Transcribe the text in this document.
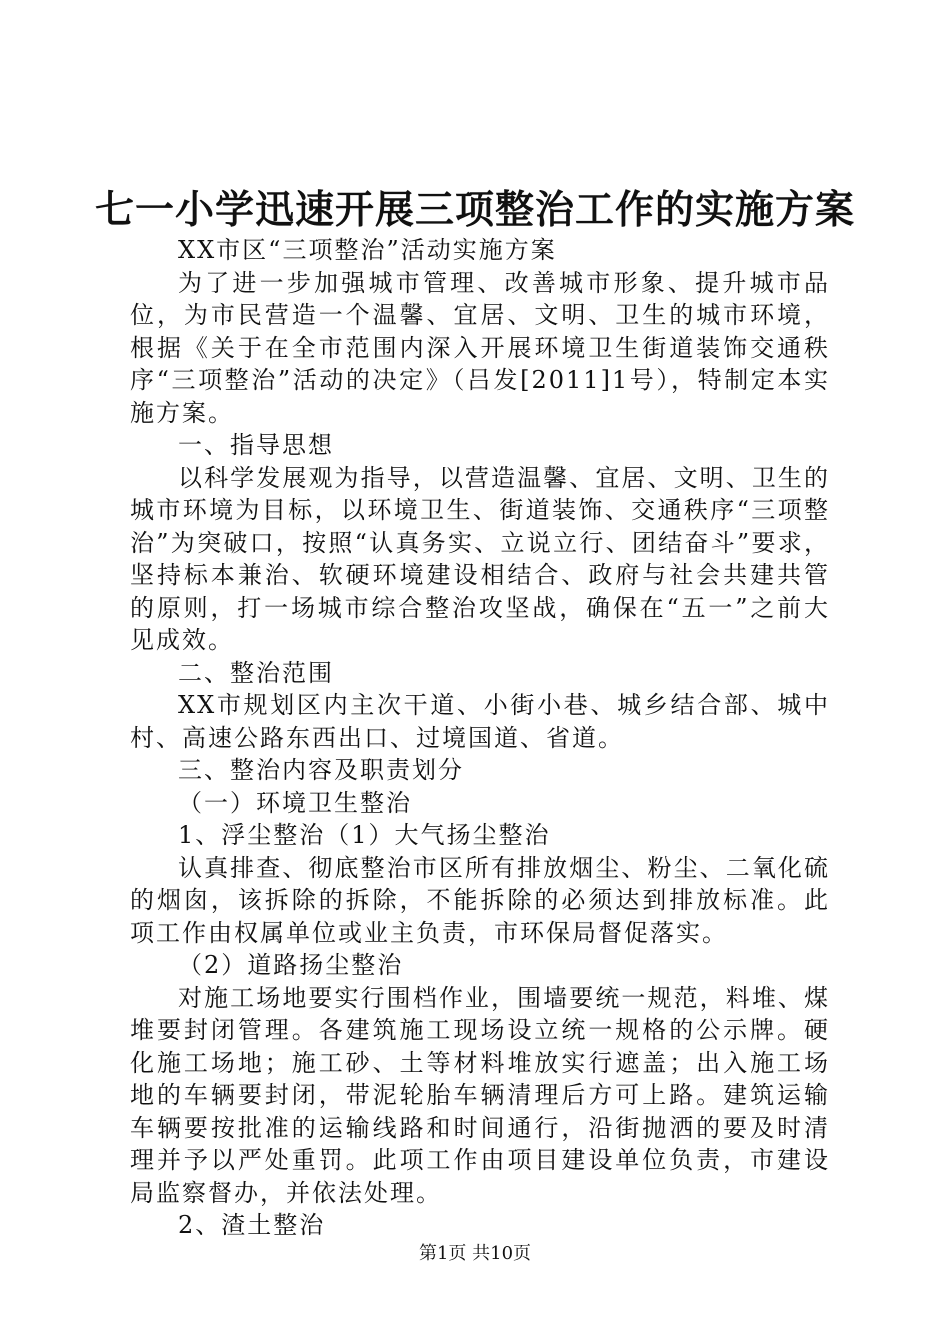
七一小学迅速开展三项整治工作的实施方案

XX市区“三项整治”活动实施方案

为了进一步加强城市管理、改善城市形象、提升城市品位，为市民营造一个温馨、宜居、文明、卫生的城市环境，根据《关于在全市范围内深入开展环境卫生街道装饰交通秩序“三项整治”活动的决定》（吕发[2011]1号），特制定本实施方案。

一、指导思想

以科学发展观为指导，以营造温馨、宜居、文明、卫生的城市环境为目标，以环境卫生、街道装饰、交通秩序“三项整治”为突破口，按照“认真务实、立说立行、团结奋斗”要求，坚持标本兼治、软硬环境建设相结合、政府与社会共建共管的原则，打一场城市综合整治攻坚战，确保在“五一”之前大见成效。

二、整治范围

XX市规划区内主次干道、小街小巷、城乡结合部、城中村、高速公路东西出口、过境国道、省道。

三、整治内容及职责划分

（一）环境卫生整治

1、浮尘整治（1）大气扬尘整治

认真排查、彻底整治市区所有排放烟尘、粉尘、二氧化硫的烟囱，该拆除的拆除，不能拆除的必须达到排放标准。此项工作由权属单位或业主负责，市环保局督促落实。

（2）道路扬尘整治

对施工场地要实行围档作业，围墙要统一规范，料堆、煤堆要封闭管理。各建筑施工现场设立统一规格的公示牌。硬化施工场地；施工砂、土等材料堆放实行遮盖；出入施工场地的车辆要封闭，带泥轮胎车辆清理后方可上路。建筑运输车辆要按批准的运输线路和时间通行，沿街抛洒的要及时清理并予以严处重罚。此项工作由项目建设单位负责，市建设局监察督办，并依法处理。

2、渣土整治

第1页 共10页
